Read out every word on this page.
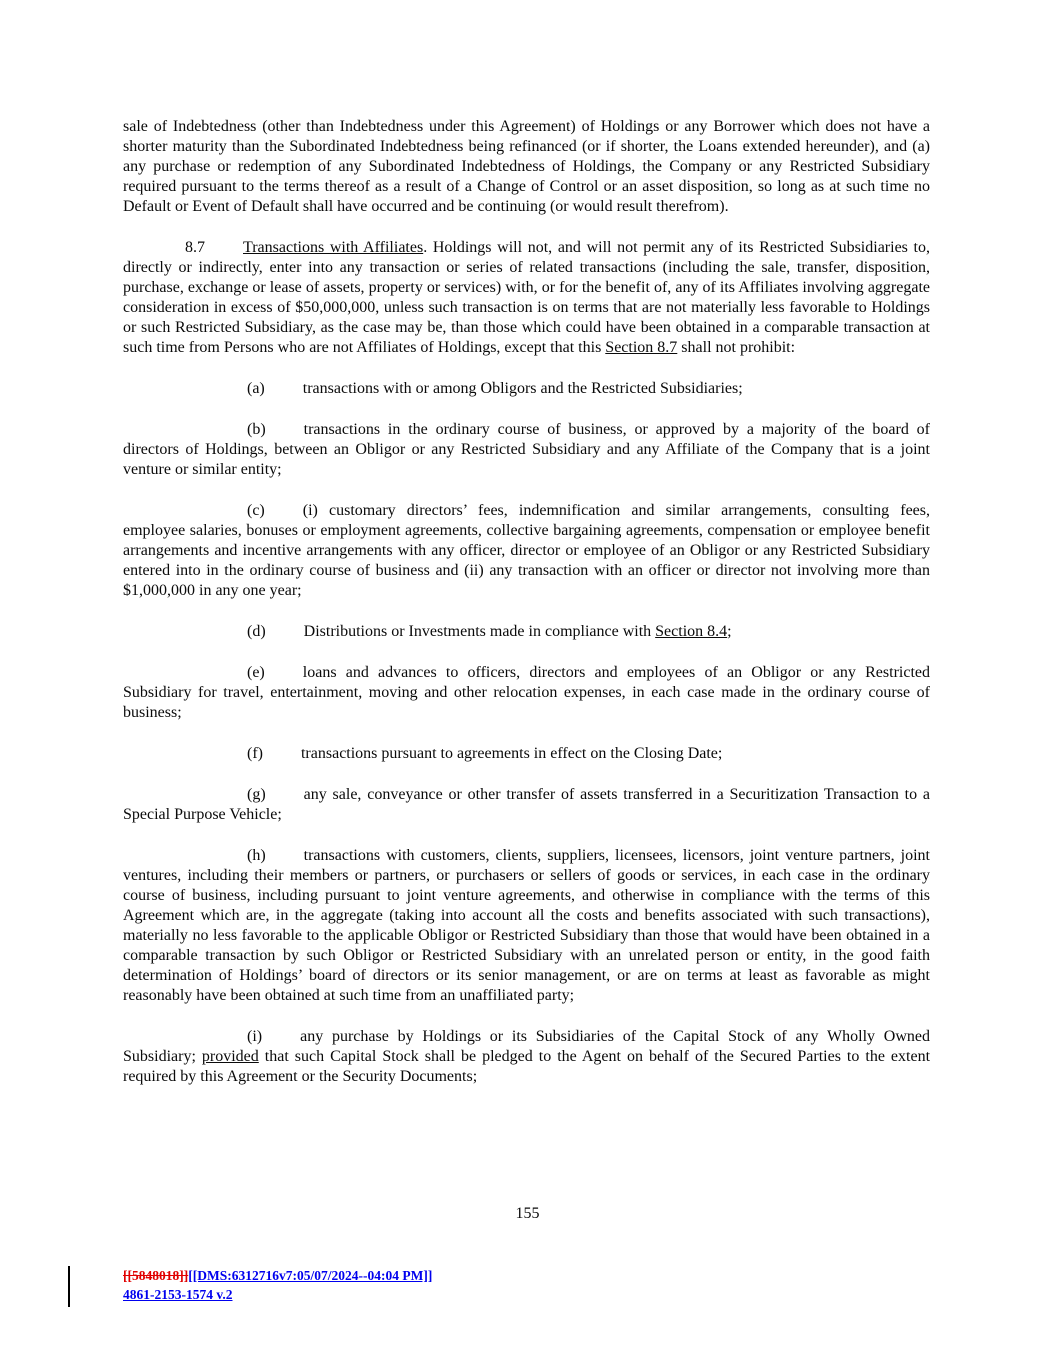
sale of Indebtedness (other than Indebtedness under this Agreement) of Holdings or any Borrower which does not have a shorter maturity than the Subordinated Indebtedness being refinanced (or if shorter, the Loans extended hereunder), and (a) any purchase or redemption of any Subordinated Indebtedness of Holdings, the Company or any Restricted Subsidiary required pursuant to the terms thereof as a result of a Change of Control or an asset disposition, so long as at such time no Default or Event of Default shall have occurred and be continuing (or would result therefrom).

8.7 Transactions with Affiliates. Holdings will not, and will not permit any of its Restricted Subsidiaries to, directly or indirectly, enter into any transaction or series of related transactions (including the sale, transfer, disposition, purchase, exchange or lease of assets, property or services) with, or for the benefit of, any of its Affiliates involving aggregate consideration in excess of $50,000,000, unless such transaction is on terms that are not materially less favorable to Holdings or such Restricted Subsidiary, as the case may be, than those which could have been obtained in a comparable transaction at such time from Persons who are not Affiliates of Holdings, except that this Section 8.7 shall not prohibit:

(a) transactions with or among Obligors and the Restricted Subsidiaries;

(b) transactions in the ordinary course of business, or approved by a majority of the board of directors of Holdings, between an Obligor or any Restricted Subsidiary and any Affiliate of the Company that is a joint venture or similar entity;

(c) (i) customary directors’ fees, indemnification and similar arrangements, consulting fees, employee salaries, bonuses or employment agreements, collective bargaining agreements, compensation or employee benefit arrangements and incentive arrangements with any officer, director or employee of an Obligor or any Restricted Subsidiary entered into in the ordinary course of business and (ii) any transaction with an officer or director not involving more than $1,000,000 in any one year;

(d) Distributions or Investments made in compliance with Section 8.4;

(e) loans and advances to officers, directors and employees of an Obligor or any Restricted Subsidiary for travel, entertainment, moving and other relocation expenses, in each case made in the ordinary course of business;

(f) transactions pursuant to agreements in effect on the Closing Date;

(g) any sale, conveyance or other transfer of assets transferred in a Securitization Transaction to a Special Purpose Vehicle;

(h) transactions with customers, clients, suppliers, licensees, licensors, joint venture partners, joint ventures, including their members or partners, or purchasers or sellers of goods or services, in each case in the ordinary course of business, including pursuant to joint venture agreements, and otherwise in compliance with the terms of this Agreement which are, in the aggregate (taking into account all the costs and benefits associated with such transactions), materially no less favorable to the applicable Obligor or Restricted Subsidiary than those that would have been obtained in a comparable transaction by such Obligor or Restricted Subsidiary with an unrelated person or entity, in the good faith determination of Holdings’ board of directors or its senior management, or are on terms at least as favorable as might reasonably have been obtained at such time from an unaffiliated party;

(i) any purchase by Holdings or its Subsidiaries of the Capital Stock of any Wholly Owned Subsidiary; provided that such Capital Stock shall be pledged to the Agent on behalf of the Secured Parties to the extent required by this Agreement or the Security Documents;

155
[[5848018]][[DMS:6312716v7:05/07/2024--04:04 PM]]
4861-2153-1574 v.2
